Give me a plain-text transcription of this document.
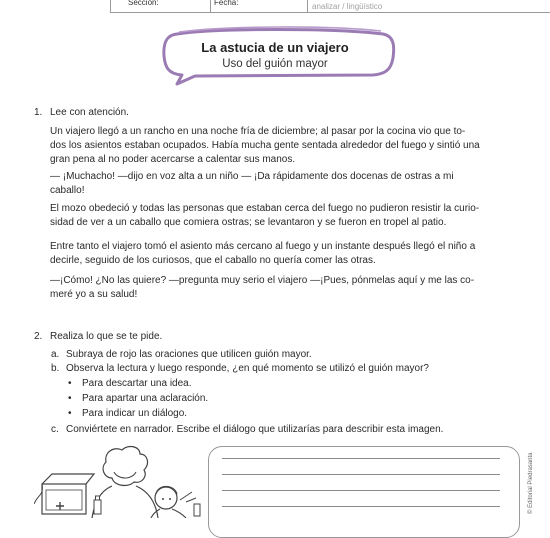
Sección:	Fecha:	analizar / lingüístico
La astucia de un viajero
Uso del guión mayor
1. Lee con atención.
Un viajero llegó a un rancho en una noche fría de diciembre; al pasar por la cocina vio que to-
dos los asientos estaban ocupados. Había mucha gente sentada alrededor del fuego y sintió una
gran pena al no poder acercarse a calentar sus manos.
— ¡Muchacho! —dijo en voz alta a un niño — ¡Da rápidamente dos docenas de ostras a mi
caballo!
El mozo obedeció y todas las personas que estaban cerca del fuego no pudieron resistir la curio-
sidad de ver a un caballo que comiera ostras; se levantaron y se fueron en tropel al patio.
Entre tanto el viajero tomó el asiento más cercano al fuego y un instante después llegó el niño a
decirle, seguido de los curiosos, que el caballo no quería comer las otras.
—¡Cómo! ¿No las quiere? —pregunta muy serio el viajero —¡Pues, pónmelas aquí y me las co-
meré yo a su salud!
2. Realiza lo que se te pide.
a. Subraya de rojo las oraciones que utilicen guión mayor.
b. Observa la lectura y luego responde, ¿en qué momento se utilizó el guión mayor?
• Para descartar una idea.
• Para apartar una aclaración.
• Para indicar un diálogo.
c. Conviértete en narrador. Escribe el diálogo que utilizarías para describir esta imagen.
© Editorial Piedrasanta
